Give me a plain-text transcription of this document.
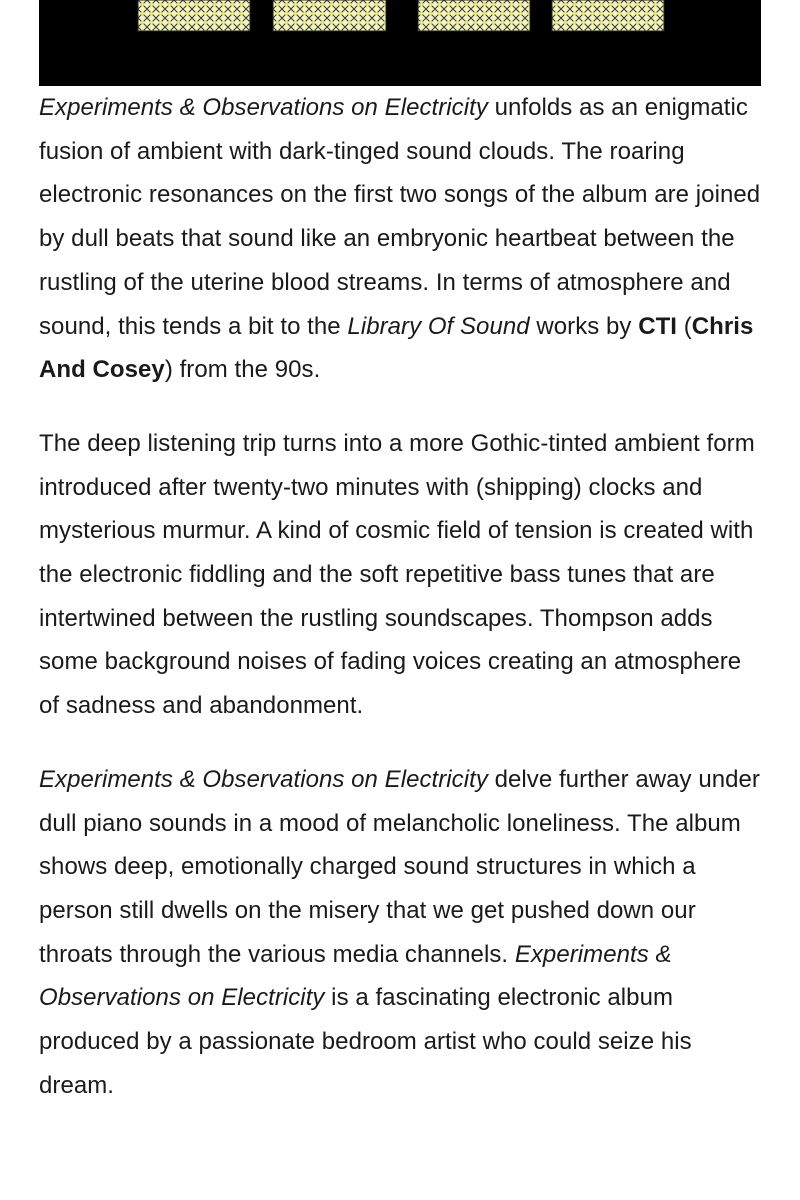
Experiments & Observations on Electricity unfolds as an enigmatic fusion of ambient with dark-tinged sound clouds. The roaring electronic resonances on the first two songs of the album are joined by dull beats that sound like an embryonic heartbeat between the rustling of the uterine blood streams. In terms of atmosphere and sound, this tends a bit to the Library Of Sound works by CTI (Chris And Cosey) from the 90s.

The deep listening trip turns into a more Gothic-tinted ambient form introduced after twenty-two minutes with (shipping) clocks and mysterious murmur. A kind of cosmic field of tension is created with the electronic fiddling and the soft repetitive bass tunes that are intertwined between the rustling soundscapes. Thompson adds some background noises of fading voices creating an atmosphere of sadness and abandonment.

Experiments & Observations on Electricity delve further away under dull piano sounds in a mood of melancholic loneliness. The album shows deep, emotionally charged sound structures in which a person still dwells on the misery that we get pushed down our throats through the various media channels. Experiments & Observations on Electricity is a fascinating electronic album produced by a passionate bedroom artist who could seize his dream.
